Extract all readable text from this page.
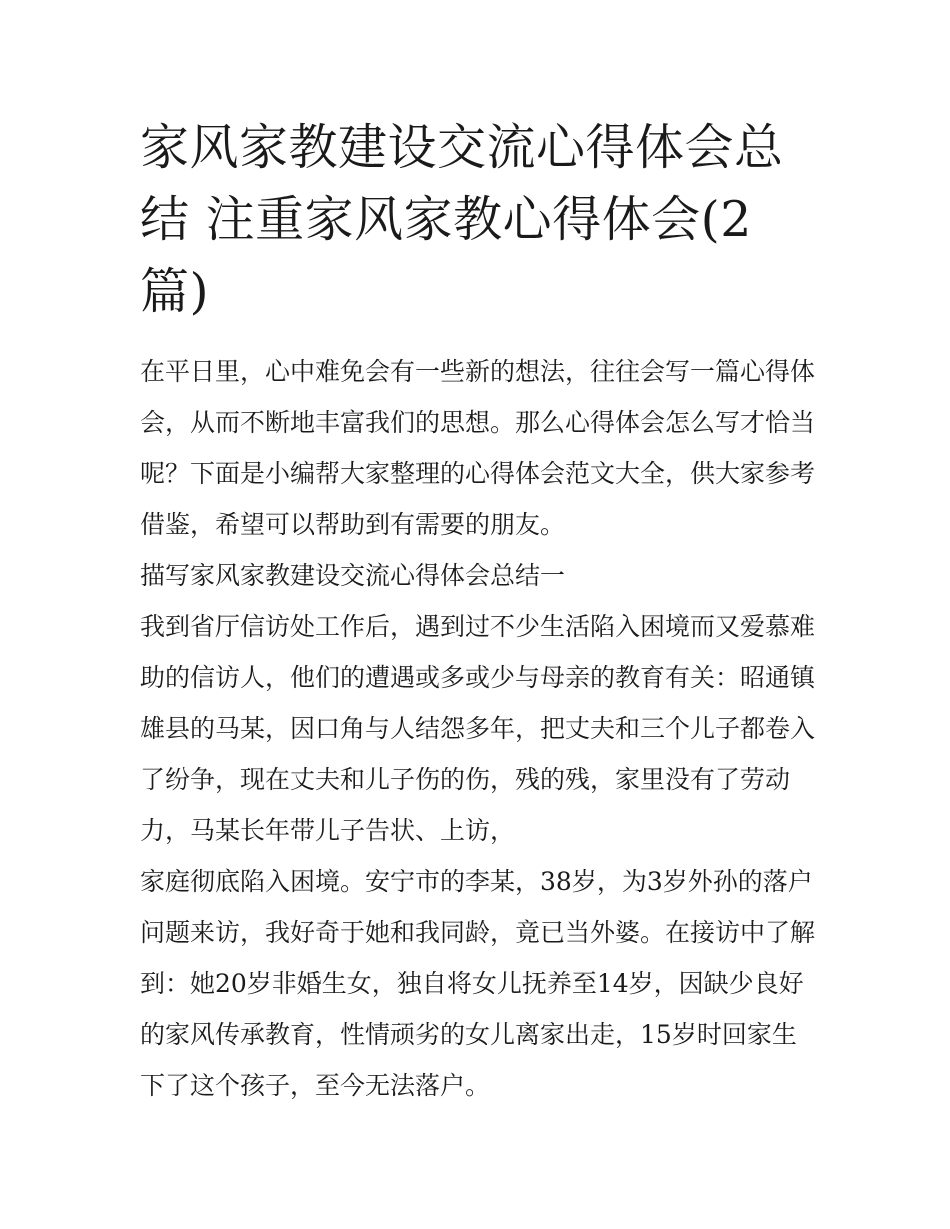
家风家教建设交流心得体会总结 注重家风家教心得体会(2篇)

在平日里，心中难免会有一些新的想法，往往会写一篇心得体会，从而不断地丰富我们的思想。那么心得体会怎么写才恰当呢？下面是小编帮大家整理的心得体会范文大全，供大家参考借鉴，希望可以帮助到有需要的朋友。

描写家风家教建设交流心得体会总结一

我到省厅信访处工作后，遇到过不少生活陷入困境而又爱慕难助的信访人，他们的遭遇或多或少与母亲的教育有关：昭通镇雄县的马某，因口角与人结怨多年，把丈夫和三个儿子都卷入了纷争，现在丈夫和儿子伤的伤，残的残，家里没有了劳动力，马某长年带儿子告状、上访，

家庭彻底陷入困境。安宁市的李某，38岁，为3岁外孙的落户问题来访，我好奇于她和我同龄，竟已当外婆。在接访中了解到：她20岁非婚生女，独自将女儿抚养至14岁，因缺少良好的家风传承教育，性情顽劣的女儿离家出走，15岁时回家生下了这个孩子，至今无法落户。
